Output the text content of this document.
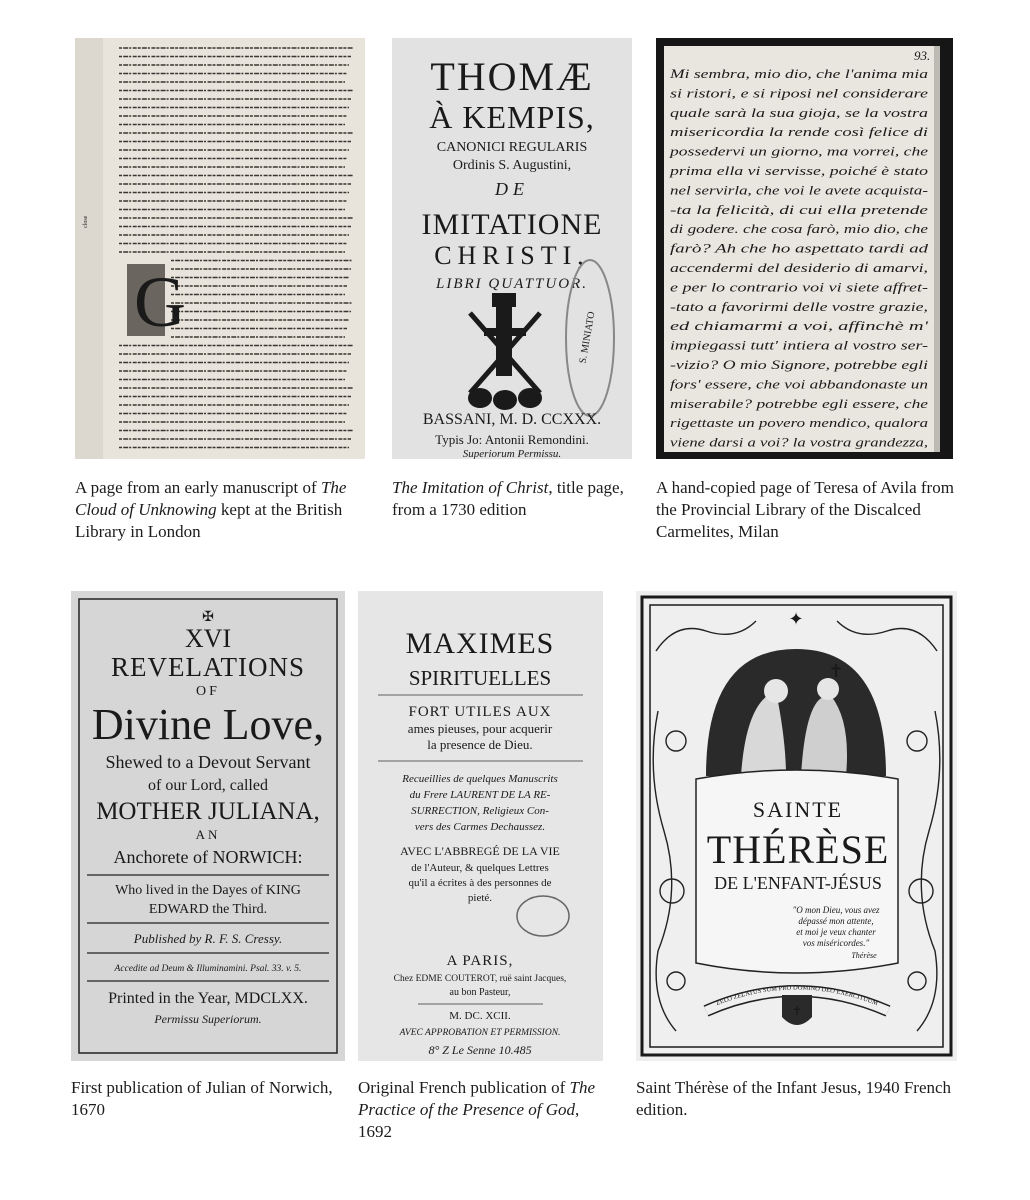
G
close
A page from an early manuscript of The Cloud of Unknowing kept at the British Library in London
THOMÆ
À KEMPIS,
CANONICI REGULARIS
Ordinis S. Augustini,
DE
IMITATIONE
CHRISTI,
LIBRI QUATTUOR.
S. MINIATO
BASSANI, M. D. CCXXX.
Typis Jo: Antonii Remondini.
Superiorum Permissu.
The Imitation of Christ, title page, from a 1730 edition
93.
Mi sembra, mio dio, che l'anima mia
si ristori, e si riposi nel considerare
quale sarà la sua gioja, se la vostra
misericordia la rende così felice di
possedervi un giorno, ma vorrei, che
prima ella vi servisse, poiché è stato
nel servirla, che voi le avete acquista-
-ta la felicità, di cui ella pretende
di godere. che cosa farò, mio dio, che
farò? Ah che ho aspettato tardi ad
accendermi del desiderio di amarvi,
e per lo contrario voi vi siete affret-
-tato a favorirmi delle vostre grazie,
ed chiamarmi a voi, affinchè m'
impiegassi tutt' intiera al vostro ser-
-vizio? O mio Signore, potrebbe egli
fors' essere, che voi abbandonaste un
miserabile? potrebbe egli essere, che
rigettaste un povero mendico, qualora
viene darsi a voi? la vostra grandezza,
A hand-copied page of Teresa of Avila from the Provincial Library of the Discalced Carmelites, Milan
✠
XVI
REVELATIONS
OF
Divine Love,
Shewed to a Devout Servant
of our Lord, called
MOTHER JULIANA,
AN
Anchorete of NORWICH:
Who lived in the Dayes of KING
EDWARD the Third.
Published by R. F. S. Cressy.
Accedite ad Deum & Illuminamini. Psal. 33. v. 5.
Printed in the Year, MDCLXX.
Permissu Superiorum.
First publication of Julian of Norwich, 1670
MAXIMES
SPIRITUELLES
FORT UTILES AUX
ames pieuses, pour acquerir
la presence de Dieu.
Recueillies de quelques Manuscrits
du Frere LAURENT DE LA RE-
SURRECTION, Religieux Con-
vers des Carmes Dechaussez.
AVEC L'ABBREGÉ DE LA VIE
de l'Auteur, & quelques Lettres
qu'il a écrites à des personnes de
pieté.
A PARIS,
Chez EDME COUTEROT, ruë saint Jacques,
au bon Pasteur,
M. DC. XCII.
AVEC APPROBATION ET PERMISSION.
8° Z Le Senne 10.485
Original French publication of The Practice of the Presence of God, 1692
✦
✝
SAINTE
THÉRÈSE
DE L'ENFANT-JÉSUS
"O mon Dieu, vous avez
dépassé mon attente,
et moi je veux chanter
vos miséricordes."
Thérèse
ZELO ZELATUS SUM PRO DOMINO DEO EXERCITUUM
✝
Saint Thérèse of the Infant Jesus, 1940 French edition.
